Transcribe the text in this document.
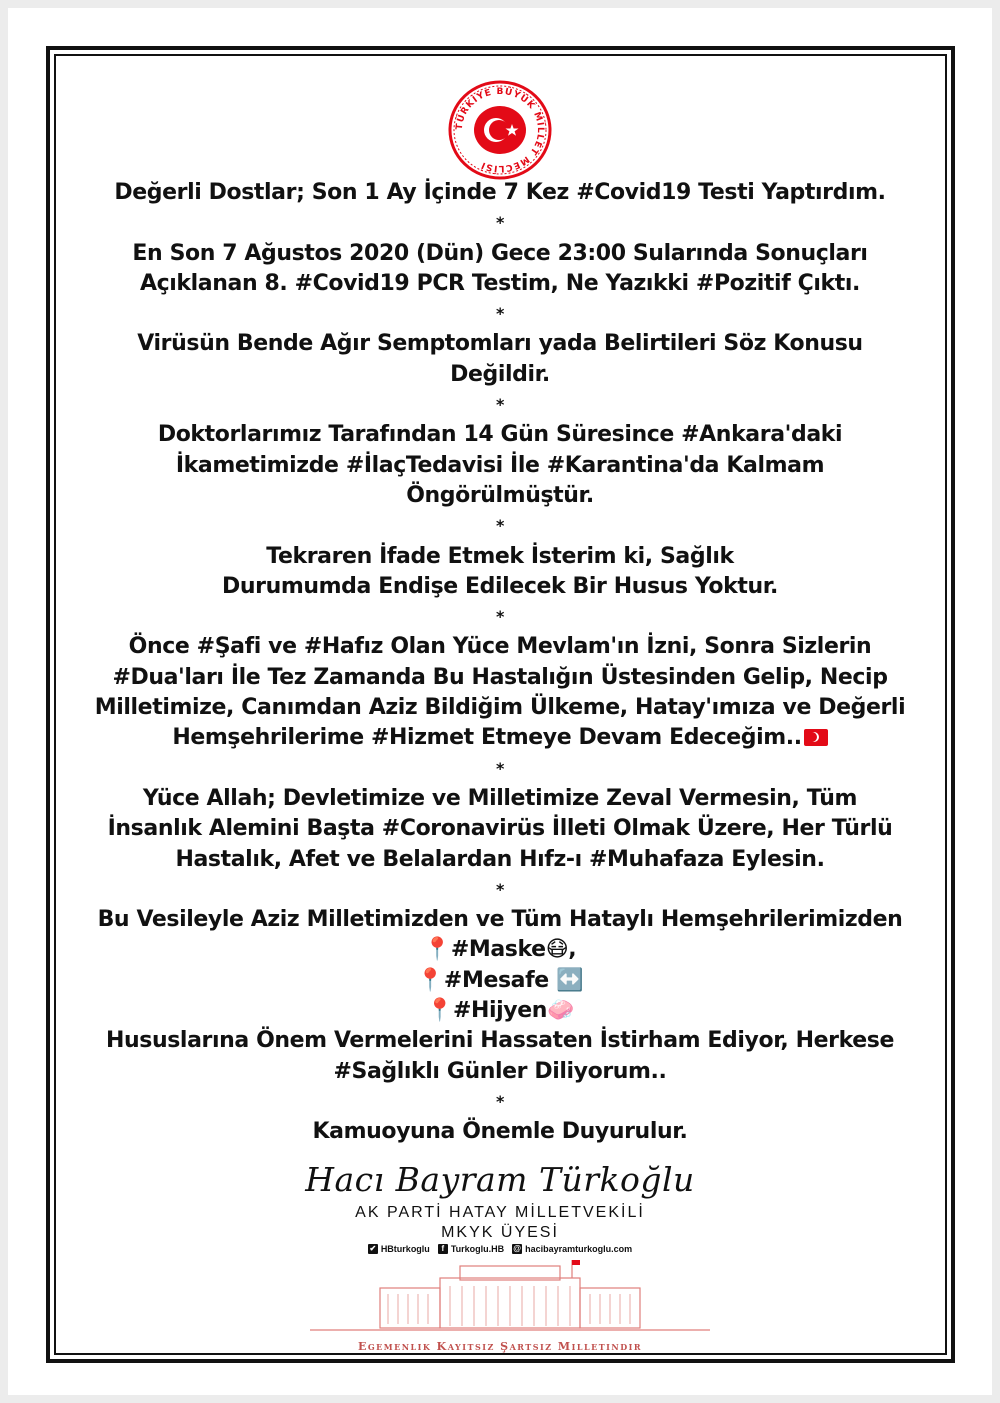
TÜRKİYE BÜYÜK MİLLET MECLİSİ

Değerli Dostlar; Son 1 Ay İçinde 7 Kez #Covid19 Testi Yaptırdım.

*

En Son 7 Ağustos 2020 (Dün) Gece 23:00 Sularında Sonuçları

Açıklanan 8. #Covid19 PCR Testim, Ne Yazıkki #Pozitif Çıktı.

*

Virüsün Bende Ağır Semptomları yada Belirtileri Söz Konusu

Değildir.

*

Doktorlarımız Tarafından 14 Gün Süresince #Ankara'daki

İkametimizde #İlaçTedavisi İle #Karantina'da Kalmam

Öngörülmüştür.

*

Tekraren İfade Etmek İsterim ki, Sağlık

Durumumda Endişe Edilecek Bir Husus Yoktur.

*

Önce #Şafi ve #Hafız Olan Yüce Mevlam'ın İzni, Sonra Sizlerin

#Dua'ları İle Tez Zamanda Bu Hastalığın Üstesinden Gelip, Necip

Milletimize, Canımdan Aziz Bildiğim Ülkeme, Hatay'ımıza ve Değerli

Hemşehrilerime #Hizmet Etmeye Devam Edeceğim..

*

Yüce Allah; Devletimize ve Milletimize Zeval Vermesin, Tüm

İnsanlık Alemini Başta #Coronavirüs İlleti Olmak Üzere, Her Türlü

Hastalık, Afet ve Belalardan Hıfz-ı #Muhafaza Eylesin.

*

Bu Vesileyle Aziz Milletimizden ve Tüm Hataylı Hemşehrilerimizden

📍#Maske😷,

📍#Mesafe ↔️

📍#Hijyen🧼

Hususlarına Önem Vermelerini Hassaten İstirham Ediyor, Herkese

#Sağlıklı Günler Diliyorum..

*

Kamuoyuna Önemle Duyurulur.

Hacı Bayram Türkoğlu
AK PARTİ HATAY MİLLETVEKİLİ
MKYK ÜYESİ
✔ HBturkoglu	f Turkoglu.HB @ hacibayramturkoglu.com
Egemenlik Kayıtsız Şartsız Milletindir
